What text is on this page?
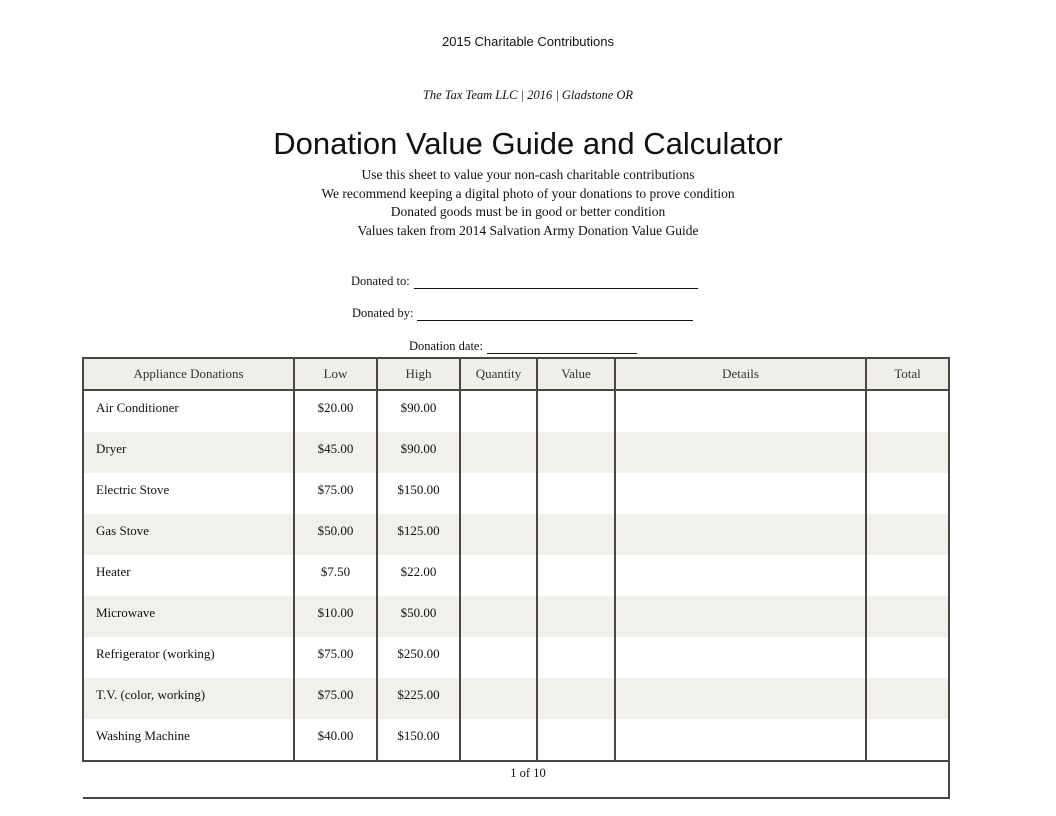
2015 Charitable Contributions
The Tax Team LLC | 2016 | Gladstone OR
Donation Value Guide and Calculator
Use this sheet to value your non-cash charitable contributions
We recommend keeping a digital photo of your donations to prove condition
Donated goods must be in good or better condition
Values taken from 2014 Salvation Army Donation Value Guide
Donated to:
Donated by:
Donation date:
Appliance Donations	Low	High	Quantity	Value	Details	Total
Air Conditioner	$20.00	$90.00				
Dryer	$45.00	$90.00				
Electric Stove	$75.00	$150.00				
Gas Stove	$50.00	$125.00				
Heater	$7.50	$22.00				
Microwave	$10.00	$50.00				
Refrigerator (working)	$75.00	$250.00				
T.V. (color, working)	$75.00	$225.00				
Washing Machine	$40.00	$150.00				

1 of 10
